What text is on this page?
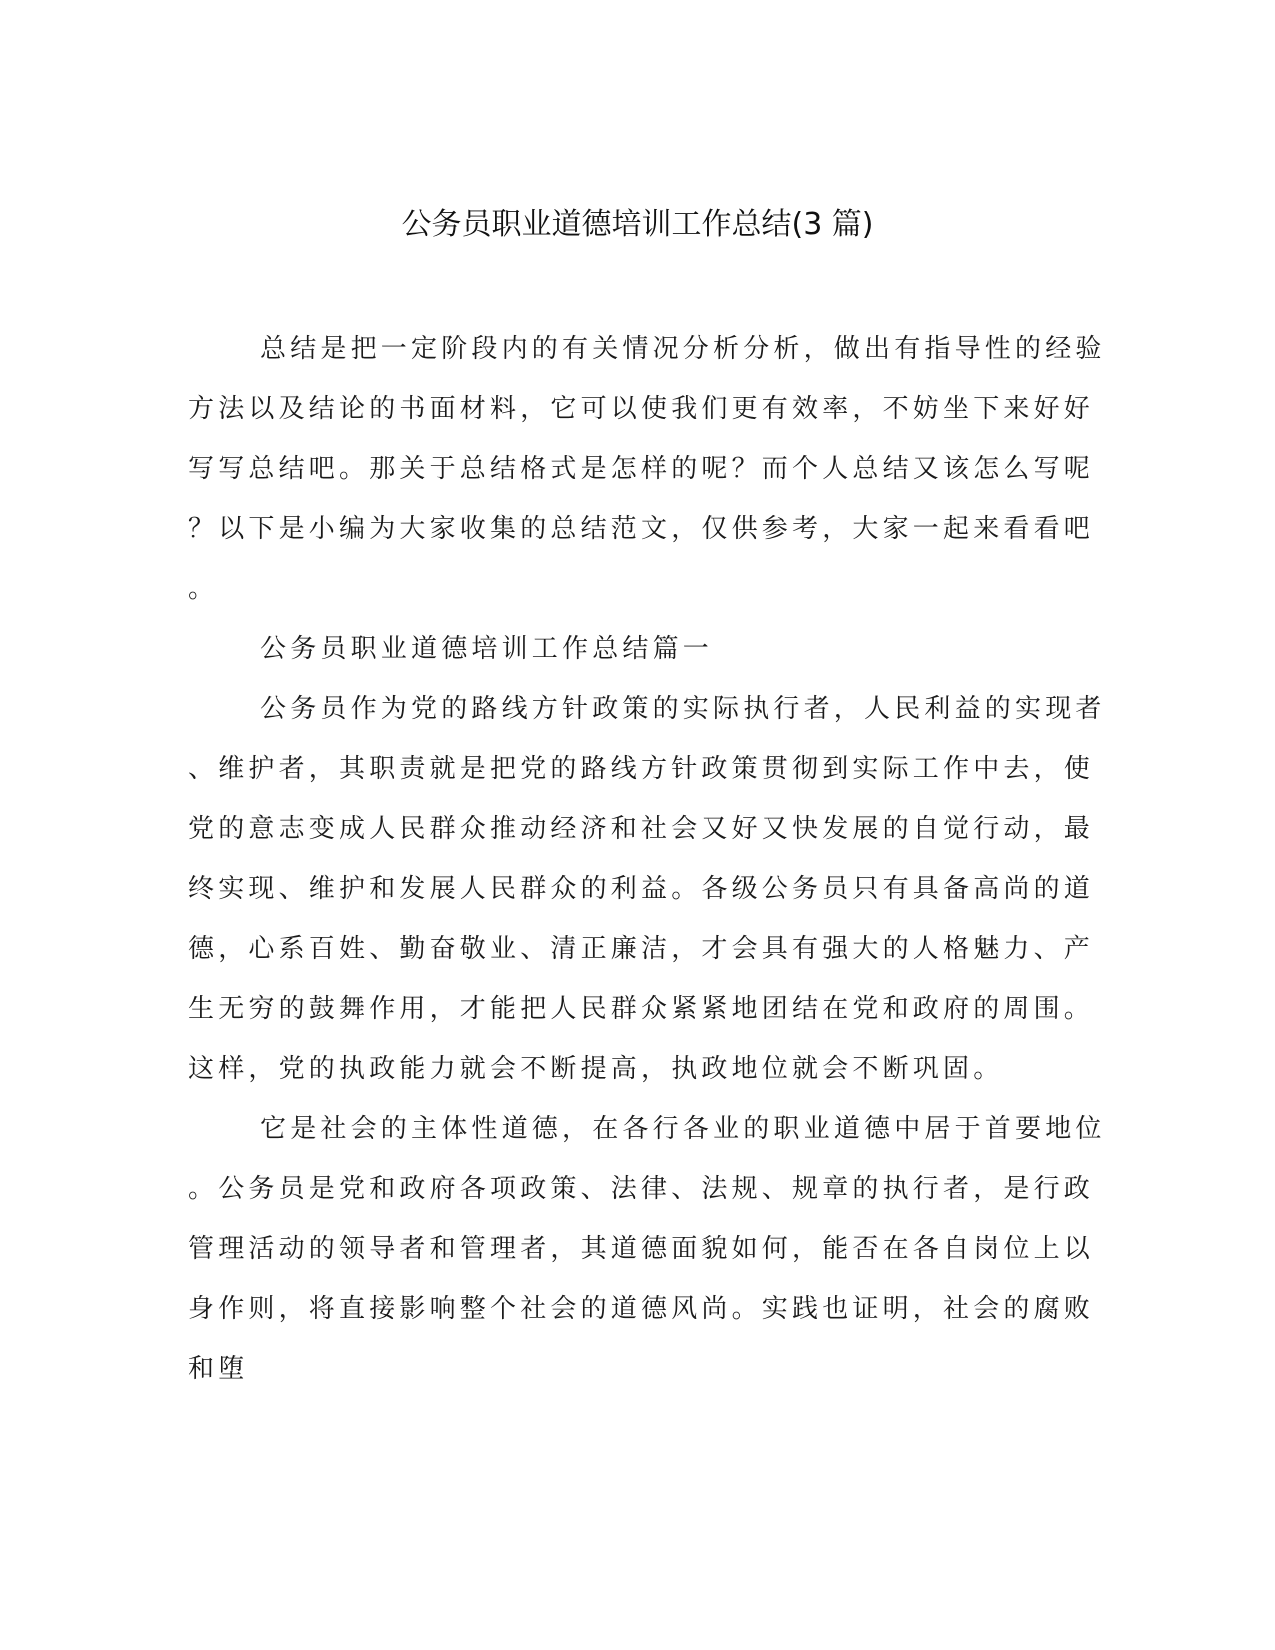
公务员职业道德培训工作总结(3 篇)
总结是把一定阶段内的有关情况分析分析，做出有指导性的经验
方法以及结论的书面材料，它可以使我们更有效率，不妨坐下来好好
写写总结吧。那关于总结格式是怎样的呢？而个人总结又该怎么写呢
？以下是小编为大家收集的总结范文，仅供参考，大家一起来看看吧
。
公务员职业道德培训工作总结篇一
公务员作为党的路线方针政策的实际执行者，人民利益的实现者
、维护者，其职责就是把党的路线方针政策贯彻到实际工作中去，使
党的意志变成人民群众推动经济和社会又好又快发展的自觉行动，最
终实现、维护和发展人民群众的利益。各级公务员只有具备高尚的道
德，心系百姓、勤奋敬业、清正廉洁，才会具有强大的人格魅力、产
生无穷的鼓舞作用，才能把人民群众紧紧地团结在党和政府的周围。
这样，党的执政能力就会不断提高，执政地位就会不断巩固。
它是社会的主体性道德，在各行各业的职业道德中居于首要地位
。公务员是党和政府各项政策、法律、法规、规章的执行者，是行政
管理活动的领导者和管理者，其道德面貌如何，能否在各自岗位上以
身作则，将直接影响整个社会的道德风尚。实践也证明，社会的腐败
和堕
